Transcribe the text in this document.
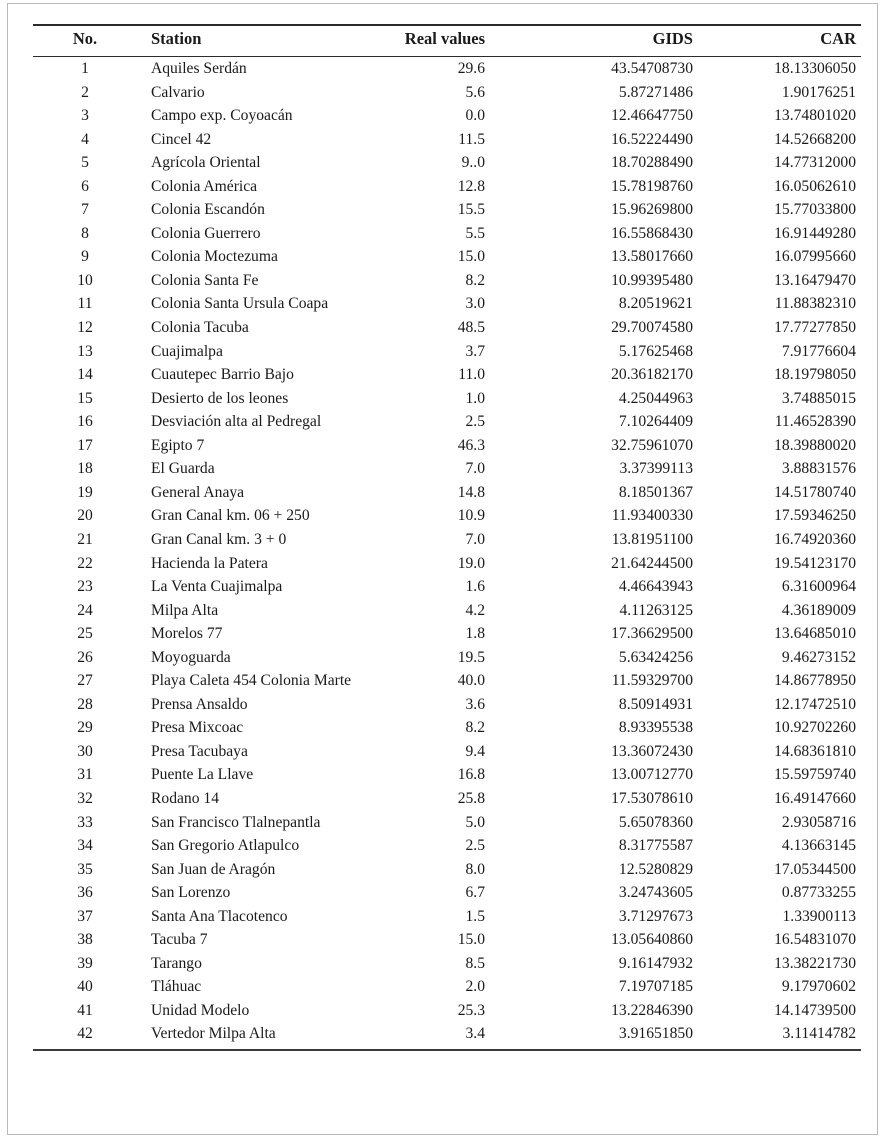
No.	Station	Real values	GIDS	CAR
1	Aquiles Serdán	29.6	43.54708730	18.13306050
2	Calvario	5.6	5.87271486	1.90176251
3	Campo exp. Coyoacán	0.0	12.46647750	13.74801020
4	Cincel 42	11.5	16.52224490	14.52668200
5	Agrícola Oriental	9..0	18.70288490	14.77312000
6	Colonia América	12.8	15.78198760	16.05062610
7	Colonia Escandón	15.5	15.96269800	15.77033800
8	Colonia Guerrero	5.5	16.55868430	16.91449280
9	Colonia Moctezuma	15.0	13.58017660	16.07995660
10	Colonia Santa Fe	8.2	10.99395480	13.16479470
11	Colonia Santa Ursula Coapa	3.0	8.20519621	11.88382310
12	Colonia Tacuba	48.5	29.70074580	17.77277850
13	Cuajimalpa	3.7	5.17625468	7.91776604
14	Cuautepec Barrio Bajo	11.0	20.36182170	18.19798050
15	Desierto de los leones	1.0	4.25044963	3.74885015
16	Desviación alta al Pedregal	2.5	7.10264409	11.46528390
17	Egipto 7	46.3	32.75961070	18.39880020
18	El Guarda	7.0	3.37399113	3.88831576
19	General Anaya	14.8	8.18501367	14.51780740
20	Gran Canal km. 06 + 250	10.9	11.93400330	17.59346250
21	Gran Canal km. 3 + 0	7.0	13.81951100	16.74920360
22	Hacienda la Patera	19.0	21.64244500	19.54123170
23	La Venta Cuajimalpa	1.6	4.46643943	6.31600964
24	Milpa Alta	4.2	4.11263125	4.36189009
25	Morelos 77	1.8	17.36629500	13.64685010
26	Moyoguarda	19.5	5.63424256	9.46273152
27	Playa Caleta 454 Colonia Marte	40.0	11.59329700	14.86778950
28	Prensa Ansaldo	3.6	8.50914931	12.17472510
29	Presa Mixcoac	8.2	8.93395538	10.92702260
30	Presa Tacubaya	9.4	13.36072430	14.68361810
31	Puente La Llave	16.8	13.00712770	15.59759740
32	Rodano 14	25.8	17.53078610	16.49147660
33	San Francisco Tlalnepantla	5.0	5.65078360	2.93058716
34	San Gregorio Atlapulco	2.5	8.31775587	4.13663145
35	San Juan de Aragón	8.0	12.5280829	17.05344500
36	San Lorenzo	6.7	3.24743605	0.87733255
37	Santa Ana Tlacotenco	1.5	3.71297673	1.33900113
38	Tacuba 7	15.0	13.05640860	16.54831070
39	Tarango	8.5	9.16147932	13.38221730
40	Tláhuac	2.0	7.19707185	9.17970602
41	Unidad Modelo	25.3	13.22846390	14.14739500
42	Vertedor Milpa Alta	3.4	3.91651850	3.11414782
